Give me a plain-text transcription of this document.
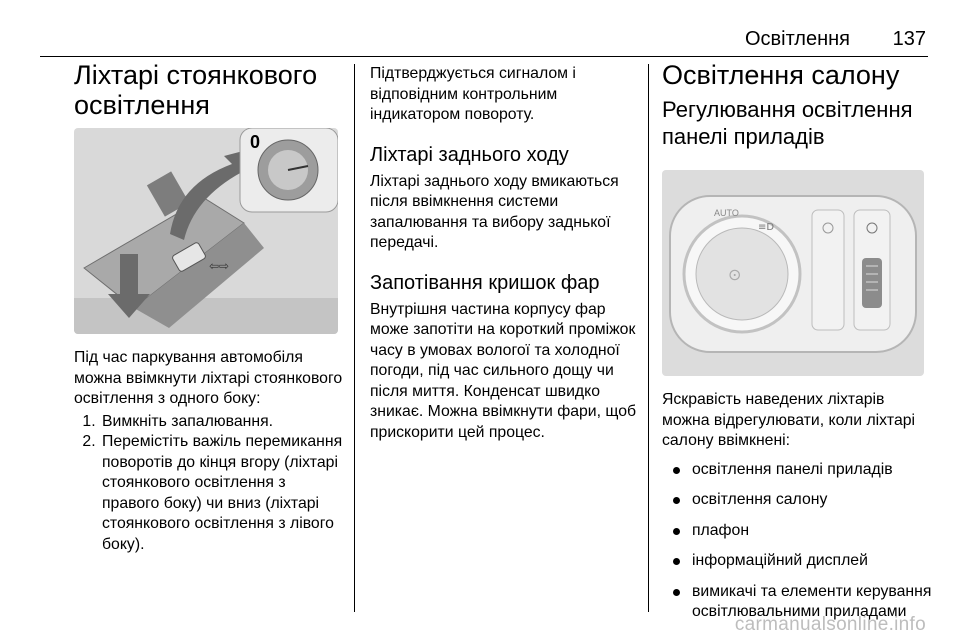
Освітлення 137
Ліхтарі стоянкового освітлення
⇦⇨
0

Під час паркування автомобіля можна ввімкнути ліхтарі стоянкового освітлення з одного боку:

1. Вимкніть запалювання.
2. Перемістіть важіль перемикання поворотів до кінця вгору (ліхтарі стоянкового освітлення з правого боку) чи вниз (ліхтарі стоянкового освітлення з лівого боку).

Підтверджується сигналом і відповідним контрольним індикатором повороту.

Ліхтарі заднього ходу

Ліхтарі заднього ходу вмикаються після ввімкнення системи запалювання та вибору заднької передачі.

Запотівання кришок фар

Внутрішня частина корпусу фар може запотіти на короткий проміжок часу в умовах вологої та холодної погоди, під час сильного дощу чи після миття. Конденсат швидко зникає. Можна ввімкнути фари, щоб прискорити цей процес.

Освітлення салону
Регулювання освітлення панелі приладів
⊙
≡D
AUTO

Яскравість наведених ліхтарів можна відрегулювати, коли ліхтарі салону ввімкнені:

освітлення панелі приладів
освітлення салону
плафон
інформаційний дисплей
вимикачі та елементи керування освітлювальними приладами
carmanualsonline.info
